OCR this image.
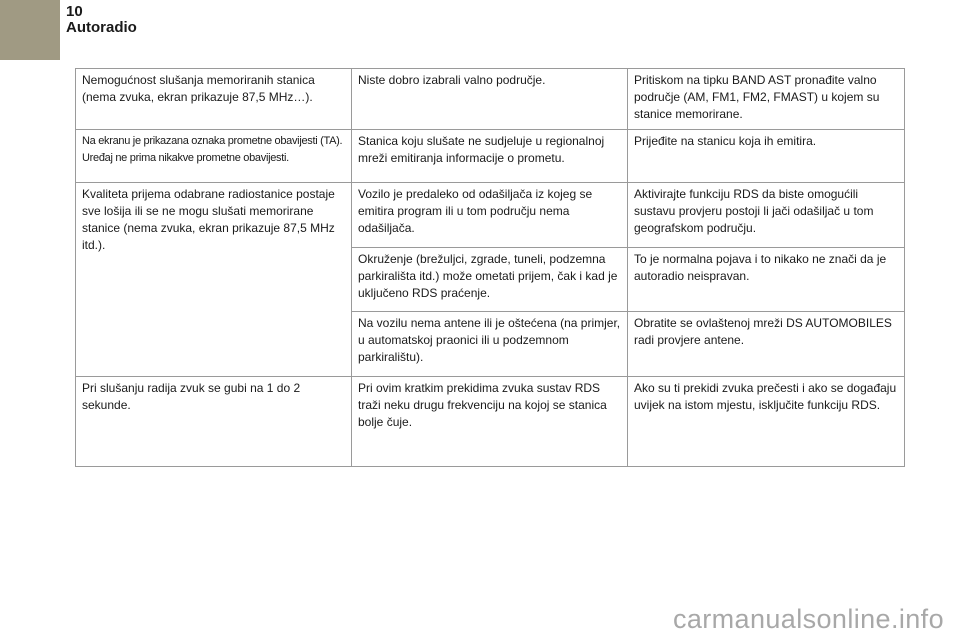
10
Autoradio
Nemogućnost slušanja memoriranih stanica (nema zvuka, ekran prikazuje 87,5 MHz…).	Niste dobro izabrali valno područje.	Pritiskom na tipku BAND AST pronađite valno područje (AM, FM1, FM2, FMAST) u kojem su stanice memorirane.
Na ekranu je prikazana oznaka prometne obavijesti (TA). Uređaj ne prima nikakve prometne obavijesti.	Stanica koju slušate ne sudjeluje u regionalnoj mreži emitiranja informacije o prometu.	Prijeđite na stanicu koja ih emitira.
Kvaliteta prijema odabrane radiostanice postaje sve lošija ili se ne mogu slušati memorirane stanice (nema zvuka, ekran prikazuje 87,5 MHz itd.).	Vozilo je predaleko od odašiljača iz kojeg se emitira program ili u tom području nema odašiljača.	Aktivirajte funkciju RDS da biste omogućili sustavu provjeru postoji li jači odašiljač u tom geografskom području.
	Okruženje (brežuljci, zgrade, tuneli, podzemna parkirališta itd.) može ometati prijem, čak i kad je uključeno RDS praćenje.	To je normalna pojava i to nikako ne znači da je autoradio neispravan.
	Na vozilu nema antene ili je oštećena (na primjer, u automatskoj praonici ili u podzemnom parkiralištu).	Obratite se ovlaštenoj mreži DS AUTOMOBILES radi provjere antene.
Pri slušanju radija zvuk se gubi na 1 do 2 sekunde.	Pri ovim kratkim prekidima zvuka sustav RDS traži neku drugu frekvenciju na kojoj se stanica bolje čuje.	Ako su ti prekidi zvuka prečesti i ako se događaju uvijek na istom mjestu, isključite funkciju RDS.
carmanualsonline.info
